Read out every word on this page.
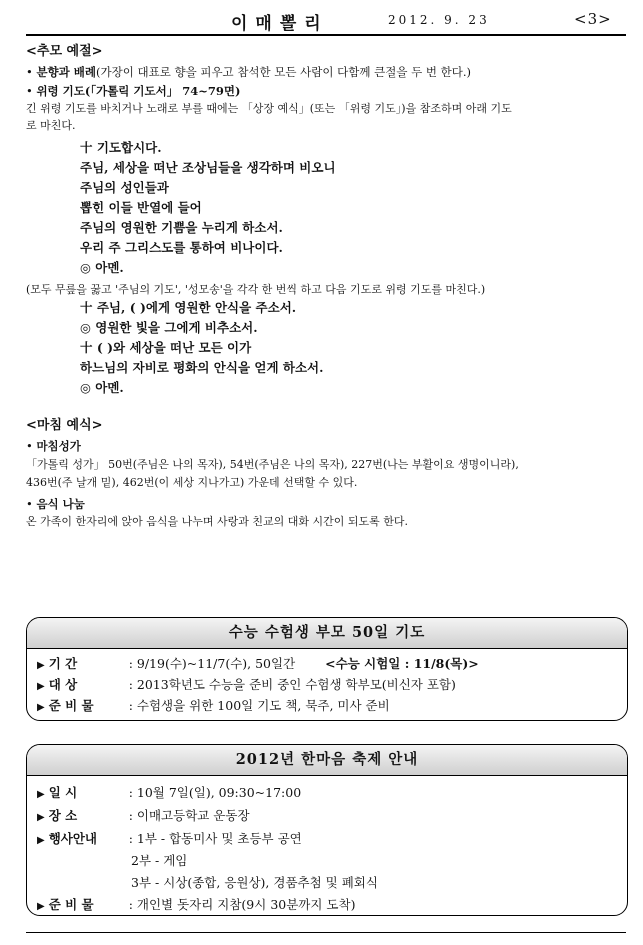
이매뽈리	2012. 9. 23	<3>
<추모 예절>
• 분향과 배례(가장이 대표로 향을 피우고 참석한 모든 사람이 다함께 큰절을 두 번 한다.)
• 위령 기도(「가톨릭 기도서」 74~79면)
긴 위령 기도를 바치거나 노래로 부를 때에는 「상장 예식」(또는 「위령 기도」)을 참조하며 아래 기도
로 마친다.
十 기도합시다.
주님, 세상을 떠난 조상님들을 생각하며 비오니
주님의 성인들과
뽑힌 이들 반열에 들어
주님의 영원한 기쁨을 누리게 하소서.
우리 주 그리스도를 통하여 비나이다.
◎ 아멘.
(모두 무릎을 꿇고 '주님의 기도', '성모송'을 각각 한 번씩 하고 다음 기도로 위령 기도를 마친다.)
十 주님, ( )에게 영원한 안식을 주소서.
◎ 영원한 빛을 그에게 비추소서.
十 ( )와 세상을 떠난 모든 이가
하느님의 자비로 평화의 안식을 얻게 하소서.
◎ 아멘.
<마침 예식>
• 마침성가
「가톨릭 성가」 50번(주님은 나의 목자), 54번(주님은 나의 목자), 227번(나는 부활이요 생명이니라),
436번(주 날개 밑), 462번(이 세상 지나가고) 가운데 선택할 수 있다.
• 음식 나눔
온 가족이 한자리에 앉아 음식을 나누며 사랑과 친교의 대화 시간이 되도록 한다.
수능 수험생 부모 50일 기도
▶ 기 간	: 9/19(수)~11/7(수), 50일간 <수능 시험일 : 11/8(목)>
▶ 대 상	: 2013학년도 수능을 준비 중인 수험생 학부모(비신자 포함)
▶ 준 비 물	: 수험생을 위한 100일 기도 책, 묵주, 미사 준비
2012년 한마음 축제 안내
▶ 일 시	: 10월 7일(일), 09:30~17:00
▶ 장 소	: 이매고등학교 운동장
▶ 행사안내	: 1부 - 합동미사 및 초등부 공연
2부 - 게임
3부 - 시상(종합, 응원상), 경품추첨 및 폐회식
▶ 준 비 물	: 개인별 돗자리 지참(9시 30분까지 도착)
